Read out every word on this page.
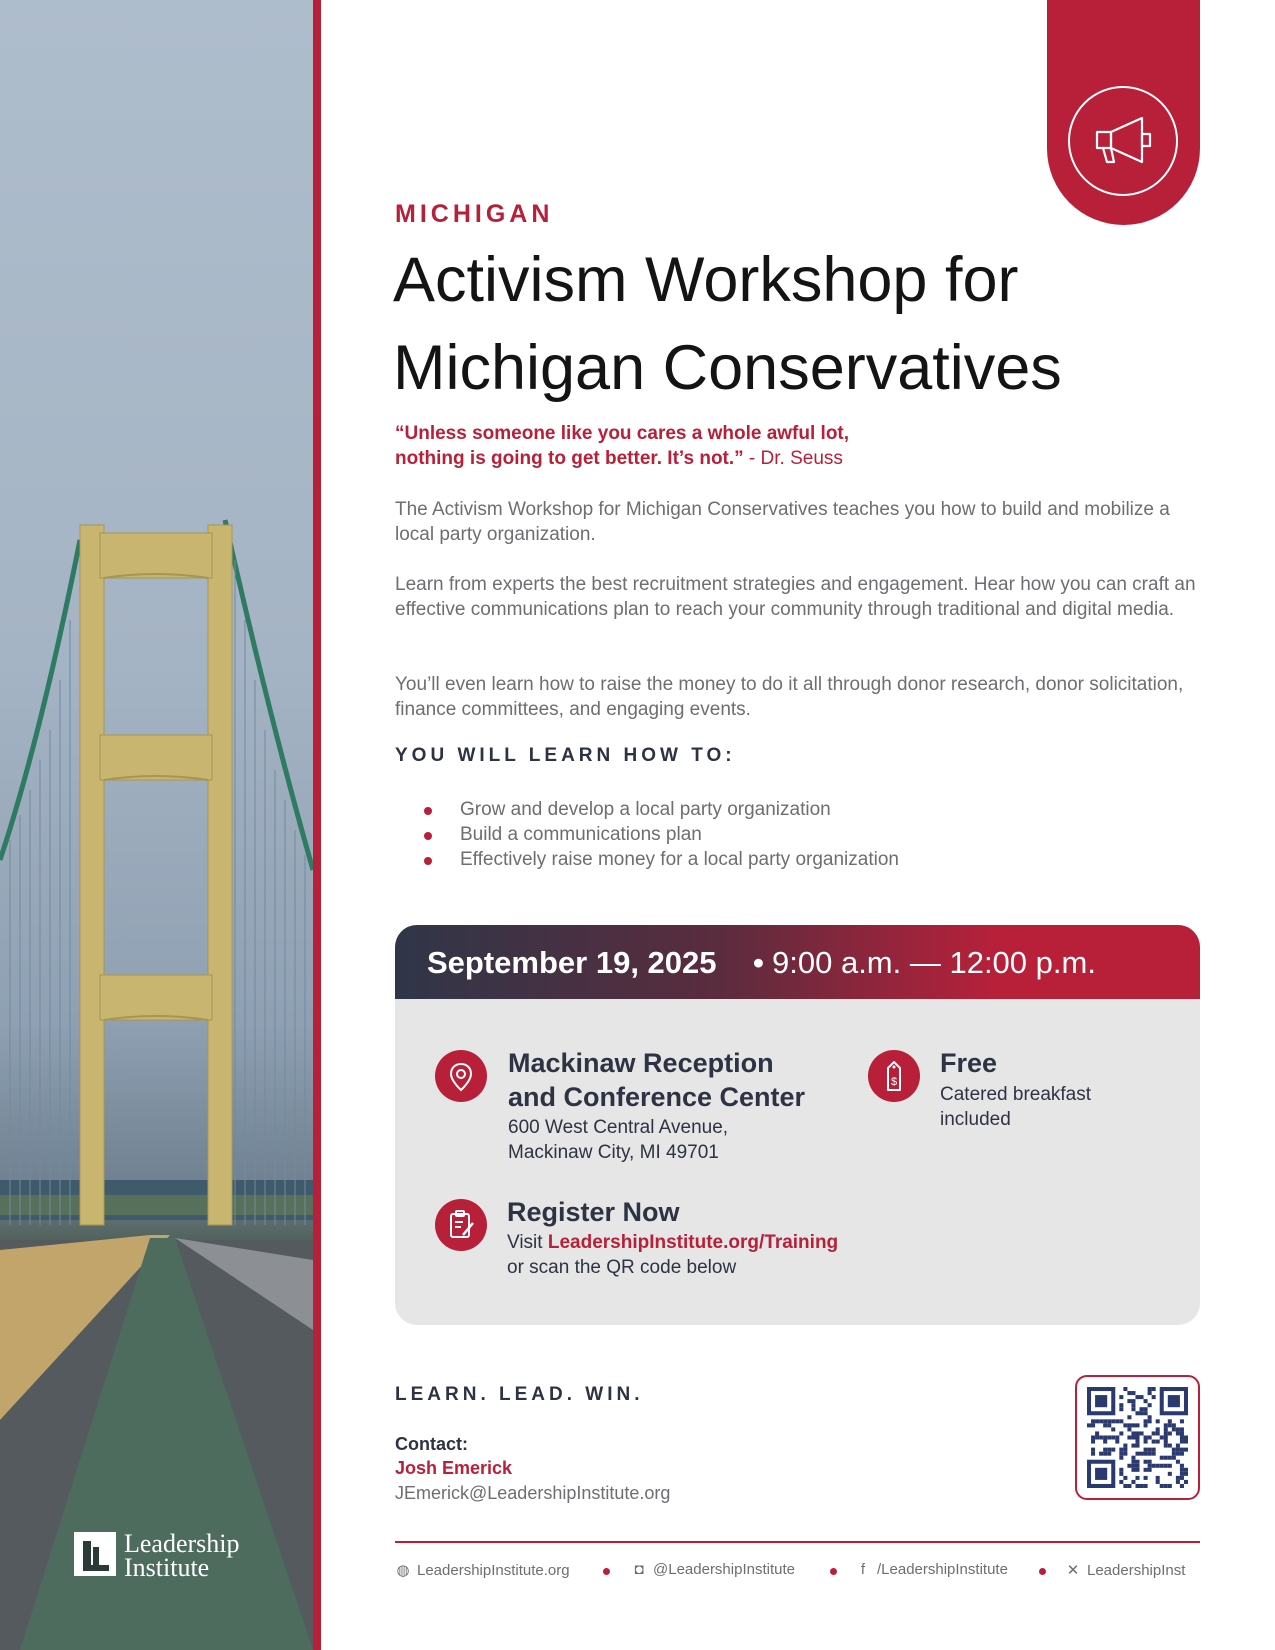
Leadership
Institute
MICHIGAN
Activism Workshop for
Michigan Conservatives
“Unless someone like you cares a whole awful lot,
nothing is going to get better. It’s not.” - Dr. Seuss
The Activism Workshop for Michigan Conservatives teaches you how to build and mobilize a local party organization.
Learn from experts the best recruitment strategies and engagement. Hear how you can craft an effective communications plan to reach your community through traditional and digital media.
You’ll even learn how to raise the money to do it all through donor research, donor solicitation, finance committees, and engaging events.
YOU WILL LEARN HOW TO:
Grow and develop a local party organization
Build a communications plan
Effectively raise money for a local party organization
September 19, 2025 • 9:00 a.m. — 12:00 p.m.
Mackinaw Reception
and Conference Center
600 West Central Avenue,
Mackinaw City, MI 49701
$
Free
Catered breakfast
included
Register Now
Visit LeadershipInstitute.org/Training
or scan the QR code below
LEARN. LEAD. WIN.
Contact:
Josh Emerick
JEmerick@LeadershipInstitute.org
◍ LeadershipInstitute.org	◘ @LeadershipInstitute	f /LeadershipInstitute	✕ LeadershipInst
